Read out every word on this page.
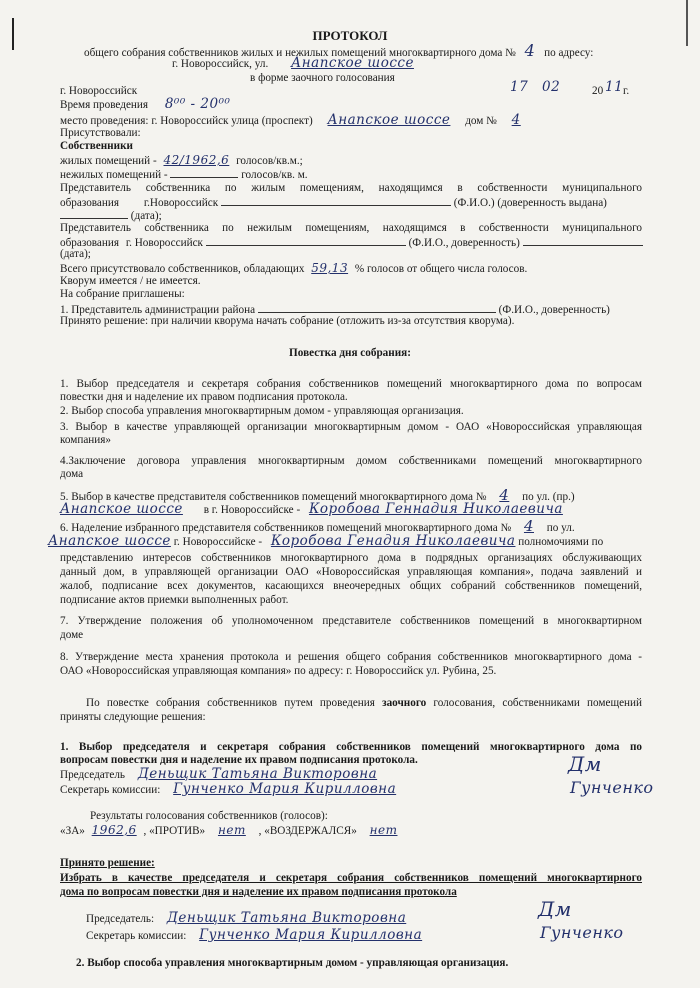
ПРОТОКОЛ
общего собрания собственников жилых и нежилых помещений многоквартирного дома № 4 по адресу:
г. Новороссийск, ул. Анапское шоссе
в форме заочного голосования
г. Новороссийск	17 02	20 11 г.
Время проведения 8⁰⁰ - 20⁰⁰
место проведения: г. Новороссийск улица (проспект) Анапское шоссе дом № 4
Присутствовали:
Собственники
жилых помещений - 42/1962,6 голосов/кв.м.;
нежилых помещений -	голосов/кв. м.
Представитель собственника по жилым помещениям, находящимся в собственности муниципального
образования г.Новороссийск	(Ф.И.О.) (доверенность выдана)
(дата);
Представитель собственника по нежилым помещениям, находящимся в собственности муниципального
образования г. Новороссийск	(Ф.И.О., доверенность)
(дата);
Всего присутствовало собственников, обладающих 59,13 % голосов от общего числа голосов.
Кворум имеется / не имеется.
На собрание приглашены:
1. Представитель администрации района	(Ф.И.О., доверенность)
Принято решение: при наличии кворума начать собрание (отложить из-за отсутствия кворума).
Повестка дня собрания:
1. Выбор председателя и секретаря собрания собственников помещений многоквартирного дома по вопросам
повестки дня и наделение их правом подписания протокола.
2. Выбор способа управления многоквартирным домом - управляющая организация.
3. Выбор в качестве управляющей организации многоквартирным домом - ОАО «Новороссийская управляющая
компания»
4.Заключение договора управления многоквартирным домом собственниками помещений многоквартирного
дома
5. Выбор в качестве представителя собственников помещений многоквартирного дома № 4 по ул. (пр.)
Анапское шоссе в г. Новороссийске - Коробова Геннадия Николаевича
6. Наделение избранного представителя собственников помещений многоквартирного дома № 4 по ул.
Анапское шоссе г. Новороссийске - Коробова Генадия Николаевича полномочиями по
представлению интересов собственников многоквартирного дома в подрядных организациях обслуживающих
данный дом, в управляющей организации ОАО «Новороссийская управляющая компания», подача заявлений и
жалоб, подписание всех документов, касающихся внеочередных общих собраний собственников помещений,
подписание актов приемки выполненных работ.
7. Утверждение положения об уполномоченном представителе собственников помещений в многоквартирном
доме
8. Утверждение места хранения протокола и решения общего собрания собственников многоквартирного дома -
ОАО «Новороссийская управляющая компания» по адресу: г. Новороссийск ул. Рубина, 25.
По повестке собрания собственников путем проведения заочного голосования, собственниками помещений
приняты следующие решения:
1. Выбор председателя и секретаря собрания собственников помещений многоквартирного дома по
вопросам повестки дня и наделение их правом подписания протокола.
Председатель Деньщик Татьяна Викторовна
Секретарь комиссии: Гунченко Мария Кирилловна
Дм
Гунченко
Результаты голосования собственников (голосов):
«ЗА» 1962,6 , «ПРОТИВ» нет , «ВОЗДЕРЖАЛСЯ» нет
Принято решение:
Избрать в качестве председателя и секретаря собрания собственников помещений многоквартирного
дома по вопросам повестки дня и наделение их правом подписания протокола
Председатель: Деньщик Татьяна Викторовна
Секретарь комиссии: Гунченко Мария Кирилловна
Дм
Гунченко
2. Выбор способа управления многоквартирным домом - управляющая организация.
